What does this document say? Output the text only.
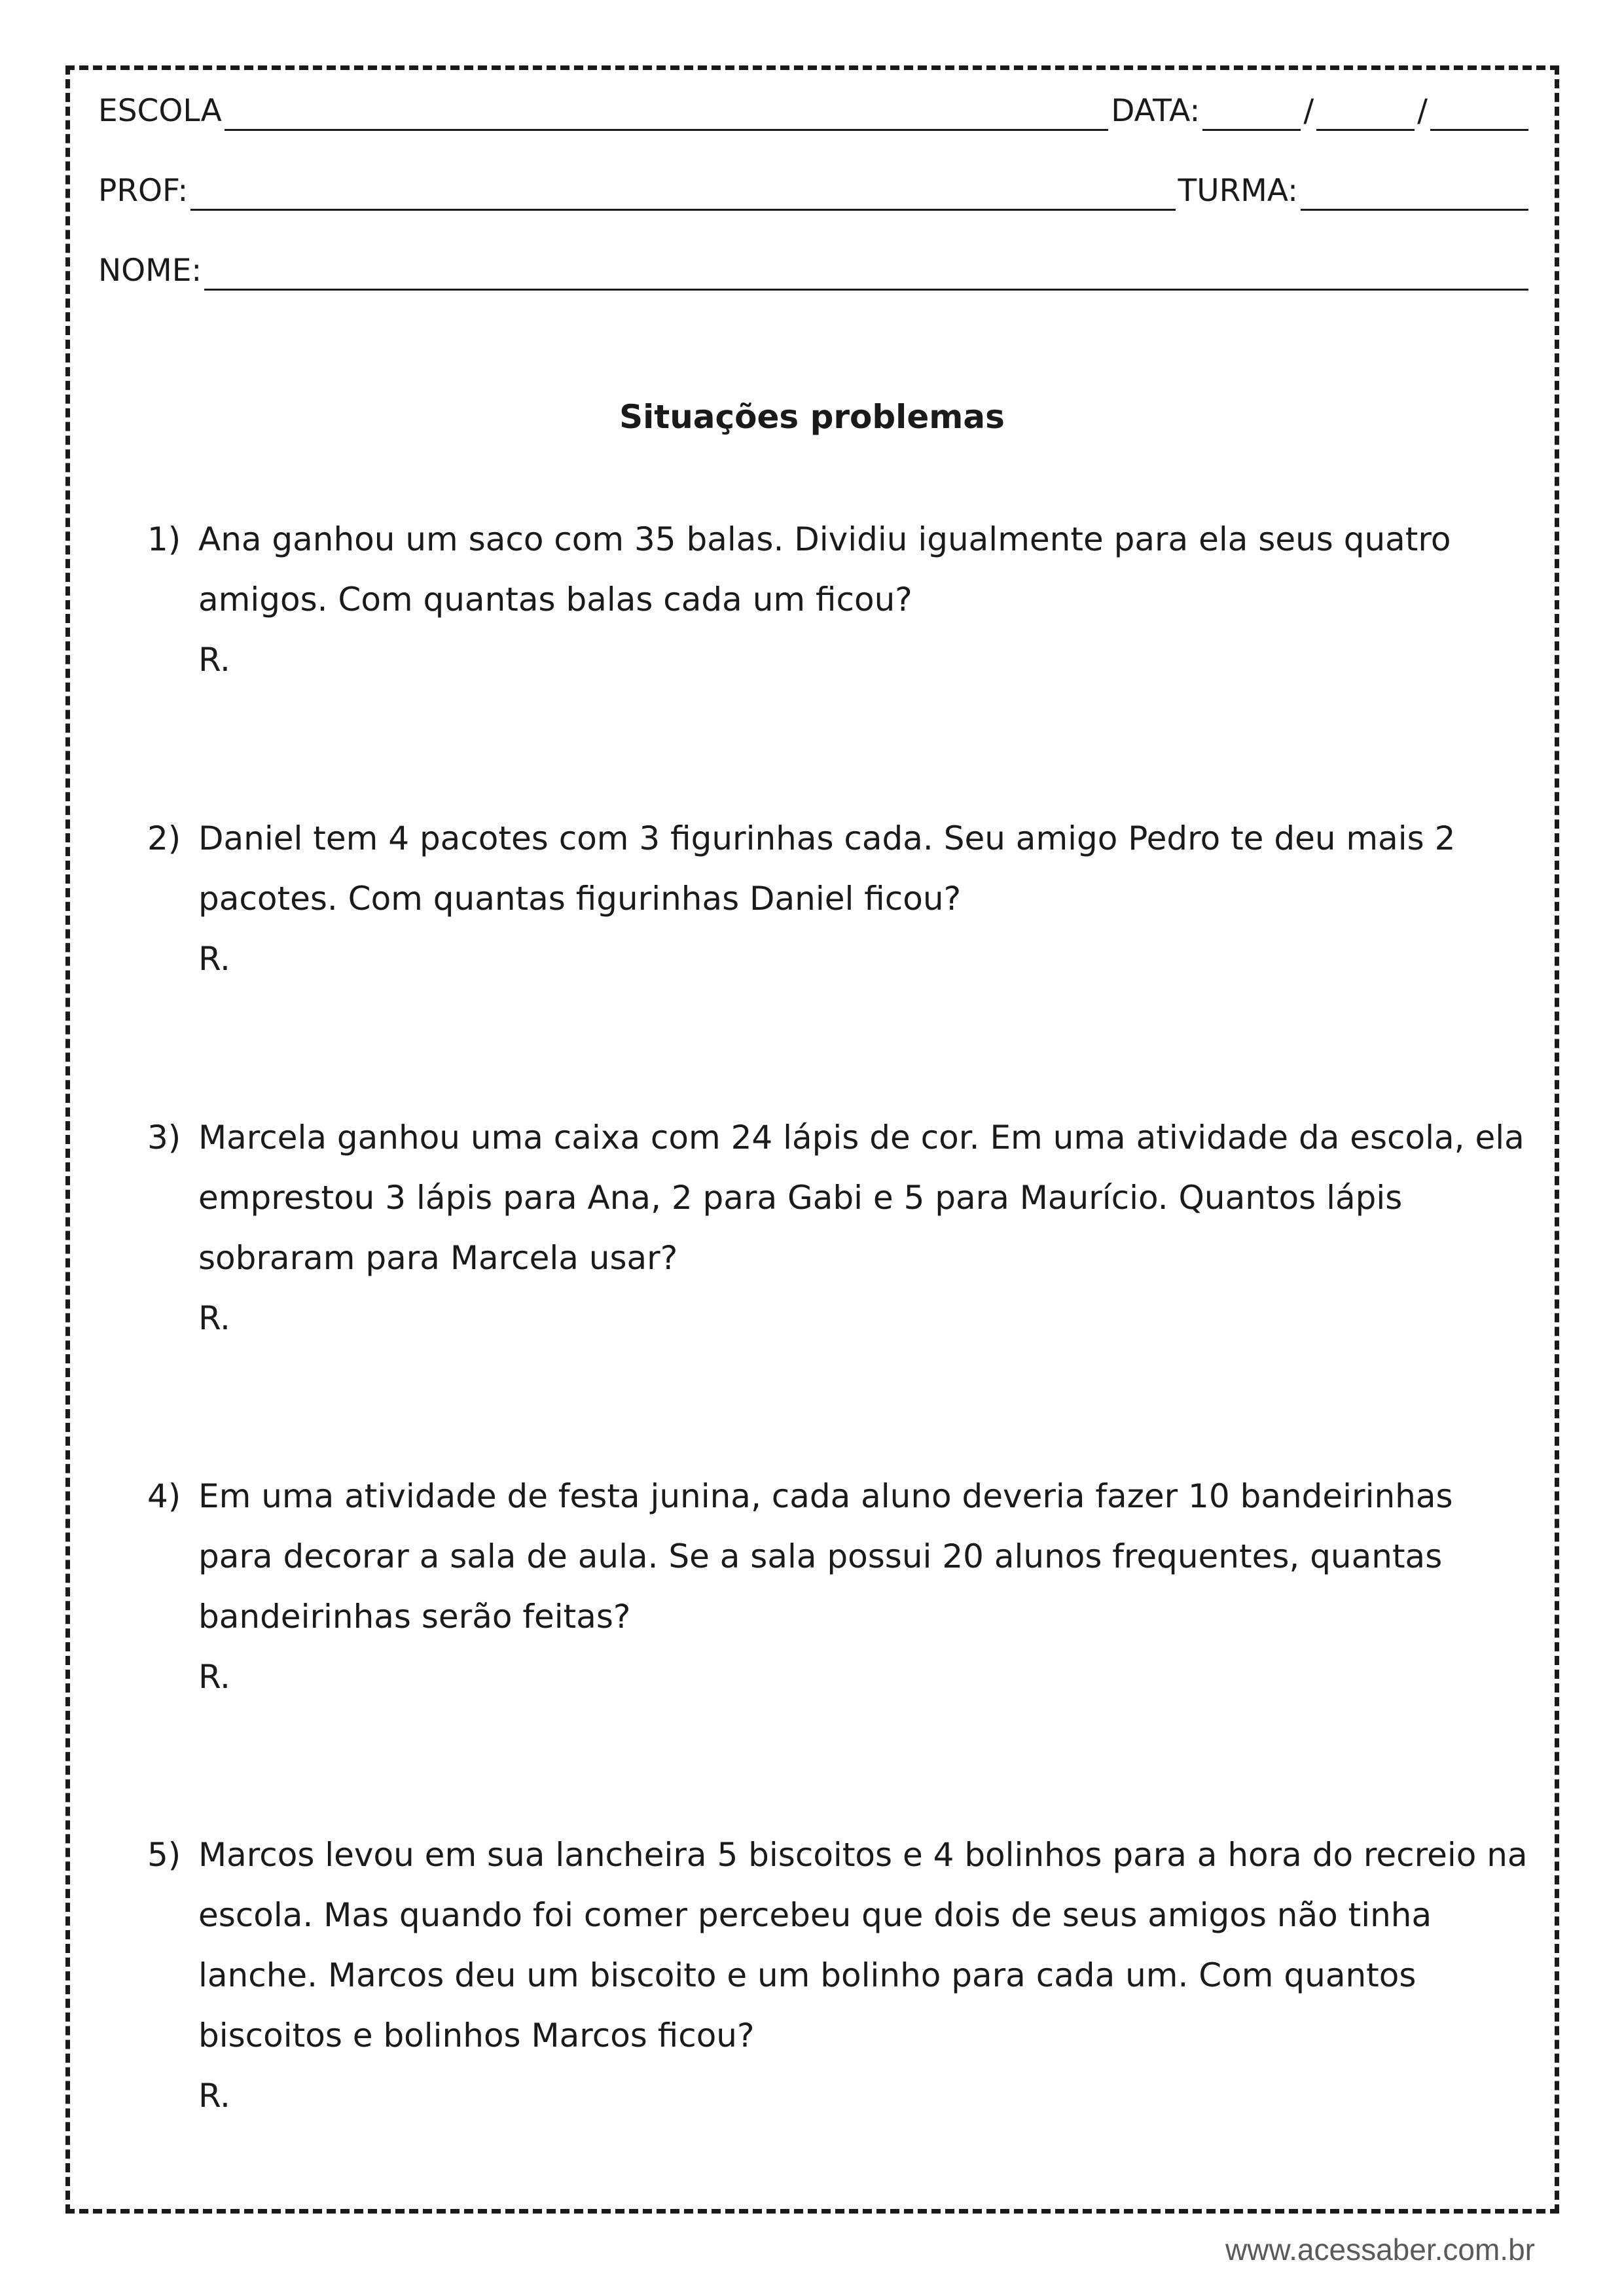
ESCOLA	DATA:	/	/
PROF:	TURMA:
NOME:
Situações problemas
1) Ana ganhou um saco com 35 balas. Dividiu igualmente para ela seus quatro amigos. Com quantas balas cada um ficou?
R.
2) Daniel tem 4 pacotes com 3 figurinhas cada. Seu amigo Pedro te deu mais 2 pacotes. Com quantas figurinhas Daniel ficou?
R.
3) Marcela ganhou uma caixa com 24 lápis de cor. Em uma atividade da escola, ela emprestou 3 lápis para Ana, 2 para Gabi e 5 para Maurício. Quantos lápis sobraram para Marcela usar?
R.
4) Em uma atividade de festa junina, cada aluno deveria fazer 10 bandeirinhas para decorar a sala de aula. Se a sala possui 20 alunos frequentes, quantas bandeirinhas serão feitas?
R.
5) Marcos levou em sua lancheira 5 biscoitos e 4 bolinhos para a hora do recreio na escola. Mas quando foi comer percebeu que dois de seus amigos não tinha lanche. Marcos deu um biscoito e um bolinho para cada um. Com quantos biscoitos e bolinhos Marcos ficou?
R.
www.acessaber.com.br
